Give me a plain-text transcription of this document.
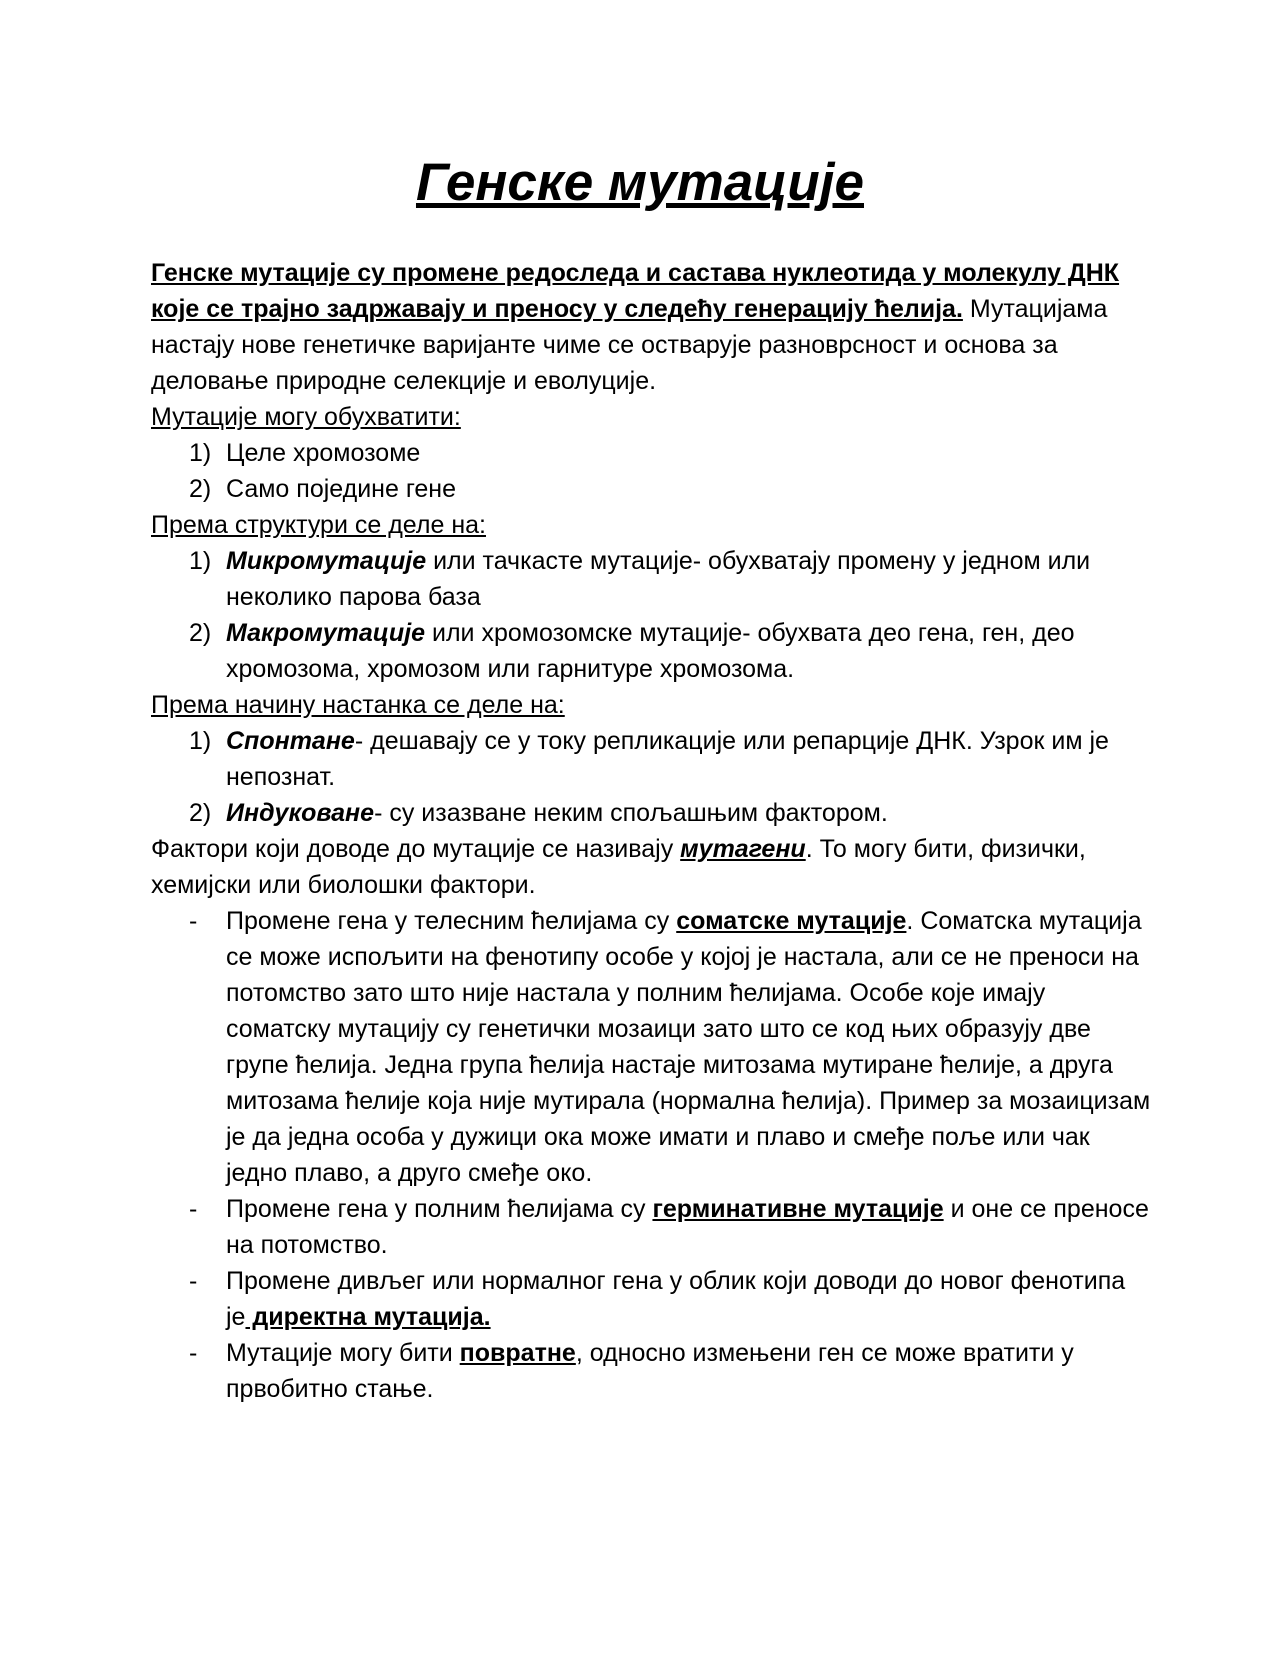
Генске мутације

Генске мутације су промене редоследа и састава нуклеотида у молекулу ДНК које се трајно задржавају и преносу у следећу генерацију ћелија. Мутацијама настају нове генетичке варијанте чиме се остварује разноврсност и основа за деловање природне селекције и еволуције.

Мутације могу обухватити:

1) Целе хромозоме
2) Само поједине гене

Према структури се деле на:

1) Микромутације или тачкасте мутације- обухватају промену у једном или неколико парова база
2) Макромутације или хромозомске мутације- обухвата део гена, ген, део хромозома, хромозом или гарнитуре хромозома.

Према начину настанка се деле на:

1) Спонтане- дешавају се у току репликације или репарције ДНК. Узрок им је непознат.
2) Индуковане- су изазване неким спољашњим фактором.

Фактори који доводе до мутације се називају мутагени. То могу бити, физички, хемијски или биолошки фактори.

- Промене гена у телесним ћелијама су соматске мутације. Соматска мутација се може испољити на фенотипу особе у којој је настала, али се не преноси на потомство зато што није настала у полним ћелијама. Особе које имају соматску мутацију су генетички мозаици зато што се код њих образују две групе ћелија. Једна група ћелија настаје митозама мутиране ћелије, а друга митозама ћелије која није мутирала (нормална ћелија). Пример за мозаицизам је да једна особа у дужици ока може имати и плаво и смеђе поље или чак једно плаво, а друго смеђе око.
- Промене гена у полним ћелијама су герминативне мутације и оне се преносе на потомство.
- Промене дивљег или нормалног гена у облик који доводи до новог фенотипа је директна мутација.
- Мутације могу бити повратне, односно измењени ген се може вратити у првобитно стање.
